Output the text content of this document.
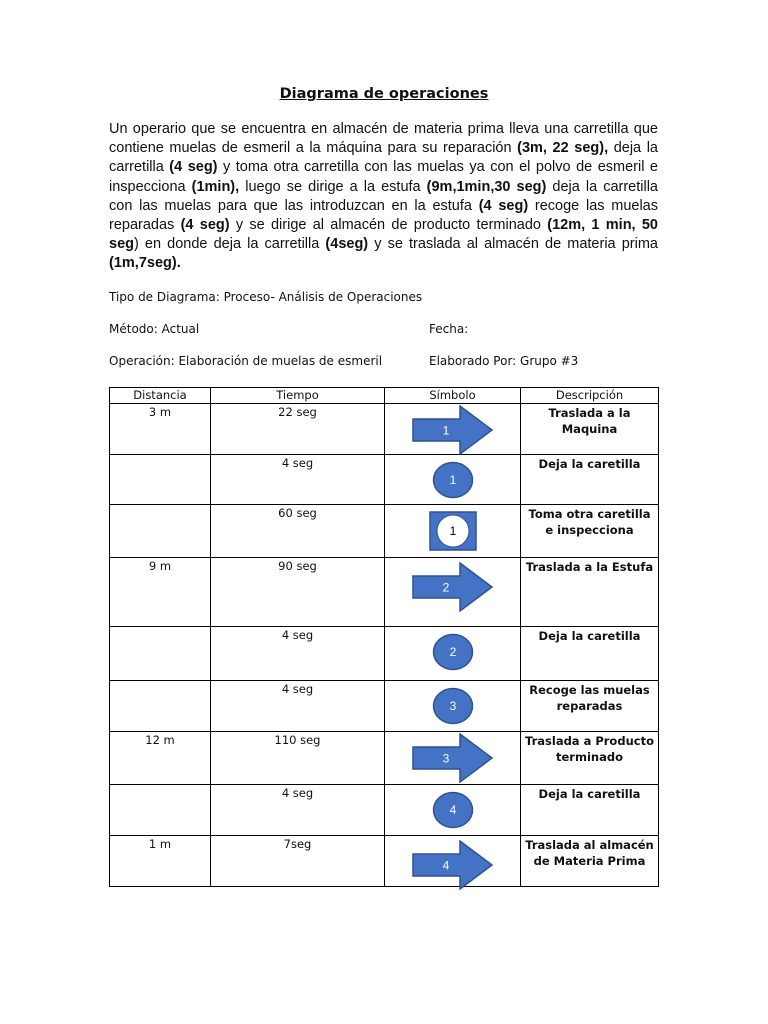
Diagrama de operaciones
Un operario que se encuentra en almacén de materia prima lleva una carretilla que contiene muelas de esmeril a la máquina para su reparación (3m, 22 seg), deja la carretilla (4 seg) y toma otra carretilla con las muelas ya con el polvo de esmeril e inspecciona (1min), luego se dirige a la estufa (9m,1min,30 seg) deja la carretilla con las muelas para que las introduzcan en la estufa (4 seg) recoge las muelas reparadas (4 seg) y se dirige al almacén de producto terminado (12m, 1 min, 50 seg) en donde deja la carretilla (4seg) y se traslada al almacén de materia prima (1m,7seg).
Tipo de Diagrama: Proceso- Análisis de Operaciones
Método: Actual	Fecha:
Operación: Elaboración de muelas de esmeril	Elaborado Por: Grupo #3
Distancia	Tiempo	Símbolo	Descripción
3 m	22 seg	1	Traslada a la Maquina
	4 seg	1	Deja la caretilla
	60 seg	1	Toma otra caretilla e inspecciona
9 m	90 seg	2	Traslada a la Estufa
	4 seg	2	Deja la caretilla
	4 seg	3	Recoge las muelas reparadas
12 m	110 seg	3	Traslada a Producto terminado
	4 seg	4	Deja la caretilla
1 m	7seg	4	Traslada al almacén de Materia Prima
